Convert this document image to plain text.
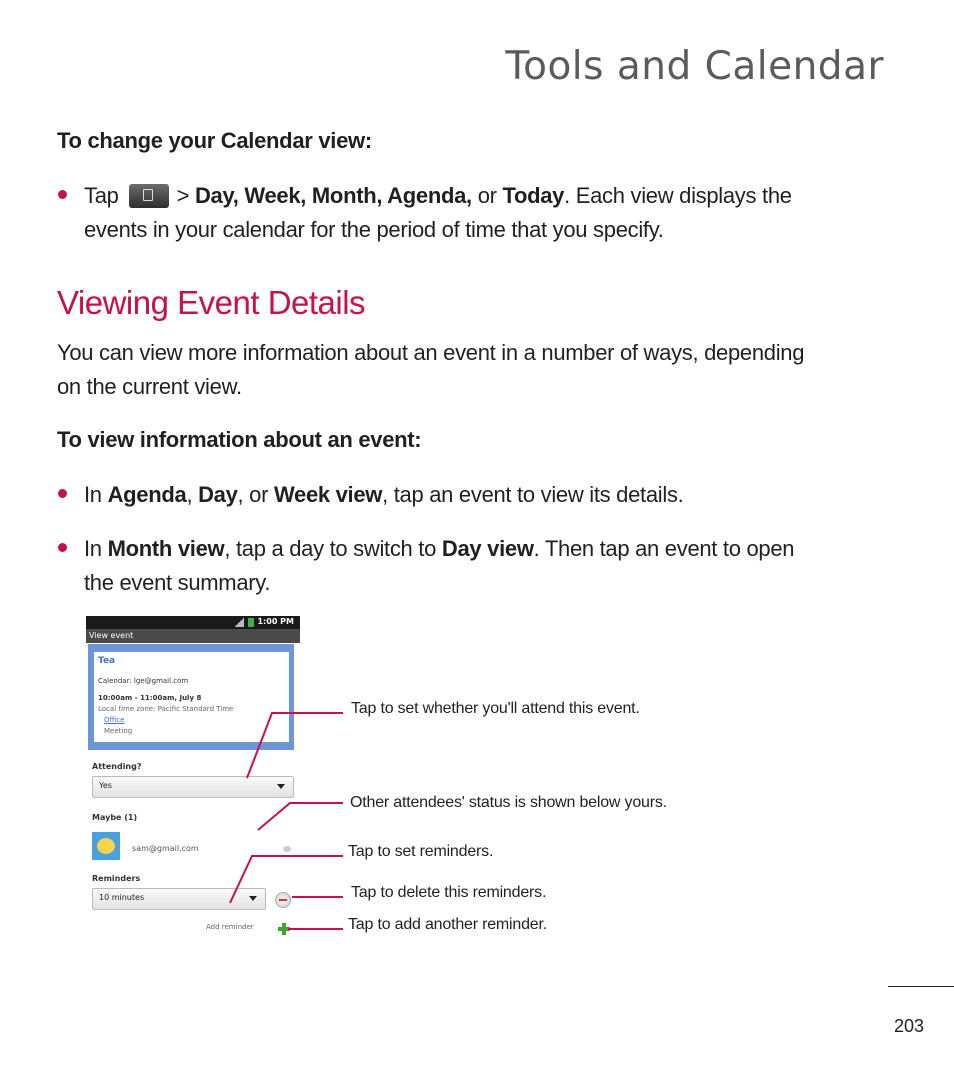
Tools and Calendar
To change your Calendar view:
Tap	> Day, Week, Month, Agenda, or Today. Each view displays the
events in your calendar for the period of time that you specify.
Viewing Event Details
You can view more information about an event in a number of ways, depending
on the current view.
To view information about an event:
In Agenda, Day, or Week view, tap an event to view its details.
In Month view, tap a day to switch to Day view. Then tap an event to open
the event summary.
1:00 PM
View event
Tea
Calendar: lge@gmail.com
10:00am - 11:00am, July 8
Local time zone: Pacific Standard Time
Office
Meeting
Attending?
Yes
Maybe (1)
sam@gmail.com
Reminders
10 minutes
Add reminder
Tap to set whether you'll attend this event.
Other attendees' status is shown below yours.
Tap to set reminders.
Tap to delete this reminders.
Tap to add another reminder.
203
